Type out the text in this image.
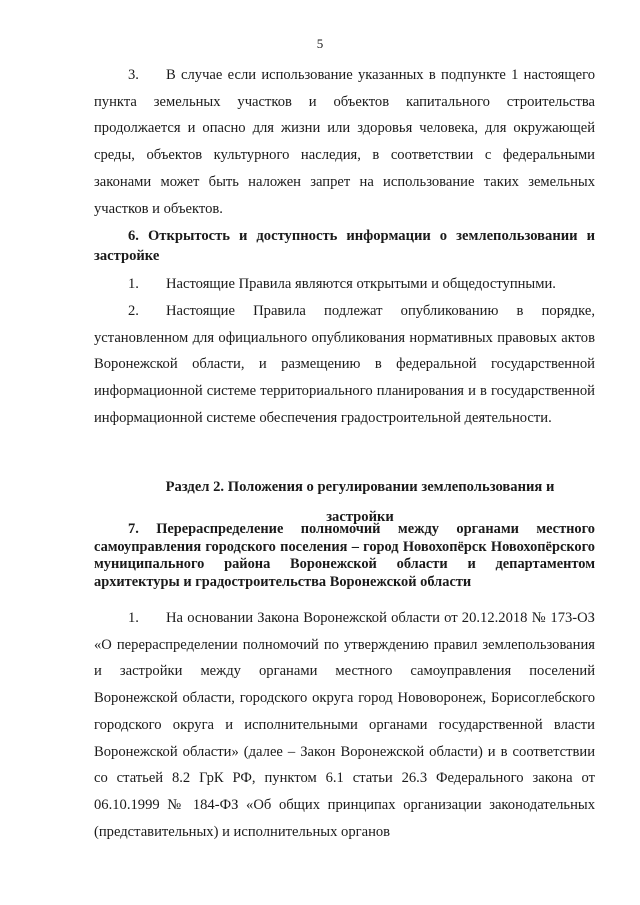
5

3. В случае если использование указанных в подпункте 1 настоящего пункта земельных участков и объектов капитального строительства продолжается и опасно для жизни или здоровья человека, для окружающей среды, объектов культурного наследия, в соответствии с федеральными законами может быть наложен запрет на использование таких земельных участков и объектов.

6. Открытость и доступность информации о землепользовании и застройке

1. Настоящие Правила являются открытыми и общедоступными.

2. Настоящие Правила подлежат опубликованию в порядке, установленном для официального опубликования нормативных правовых актов Воронежской области, и размещению в федеральной государственной информационной системе территориального планирования и в государственной информационной системе обеспечения градостроительной деятельности.

Раздел 2. Положения о регулировании землепользования и застройки

7. Перераспределение полномочий между органами местного самоуправления городского поселения – город Новохопёрск Новохопёрского муниципального района Воронежской области и департаментом архитектуры и градостроительства Воронежской области

1. На основании Закона Воронежской области от 20.12.2018 № 173-ОЗ «О перераспределении полномочий по утверждению правил землепользования и застройки между органами местного самоуправления поселений Воронежской области, городского округа город Нововоронеж, Борисоглебского городского округа и исполнительными органами государственной власти Воронежской области» (далее – Закон Воронежской области) и в соответствии со статьей 8.2 ГрК РФ, пунктом 6.1 статьи 26.3 Федерального закона от 06.10.1999 № 184-ФЗ «Об общих принципах организации законодательных (представительных) и исполнительных органов
